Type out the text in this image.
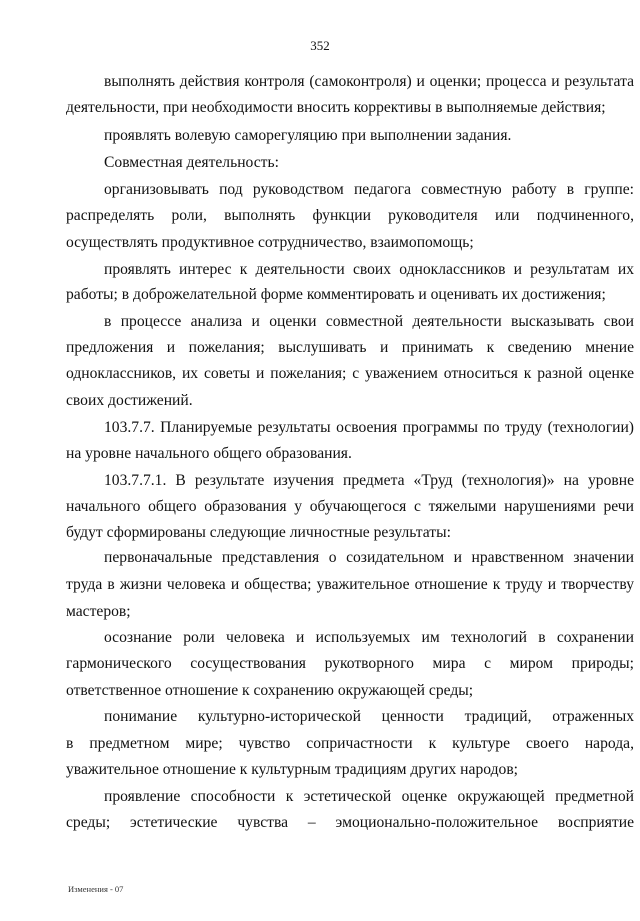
352
выполнять действия контроля (самоконтроля) и оценки; процесса и результата
деятельности, при необходимости вносить коррективы в выполняемые действия;
проявлять волевую саморегуляцию при выполнении задания.
Совместная деятельность:
организовывать под руководством педагога совместную работу в группе:
распределять роли, выполнять функции руководителя или подчиненного,
осуществлять продуктивное сотрудничество, взаимопомощь;
проявлять интерес к деятельности своих одноклассников и результатам их
работы; в доброжелательной форме комментировать и оценивать их достижения;
в процессе анализа и оценки совместной деятельности высказывать свои
предложения и пожелания; выслушивать и принимать к сведению мнение
одноклассников, их советы и пожелания; с уважением относиться к разной оценке
своих достижений.
103.7.7. Планируемые результаты освоения программы по труду (технологии)
на уровне начального общего образования.
103.7.7.1. В результате изучения предмета «Труд (технология)» на уровне
начального общего образования у обучающегося с тяжелыми нарушениями речи
будут сформированы следующие личностные результаты:
первоначальные представления о созидательном и нравственном значении
труда в жизни человека и общества; уважительное отношение к труду и творчеству
мастеров;
осознание роли человека и используемых им технологий в сохранении
гармонического сосуществования рукотворного мира с миром природы;
ответственное отношение к сохранению окружающей среды;
понимание культурно-исторической ценности традиций, отраженных
в предметном мире; чувство сопричастности к культуре своего народа,
уважительное отношение к культурным традициям других народов;
проявление способности к эстетической оценке окружающей предметной
среды; эстетические чувства – эмоционально-положительное восприятие
Изменения - 07
